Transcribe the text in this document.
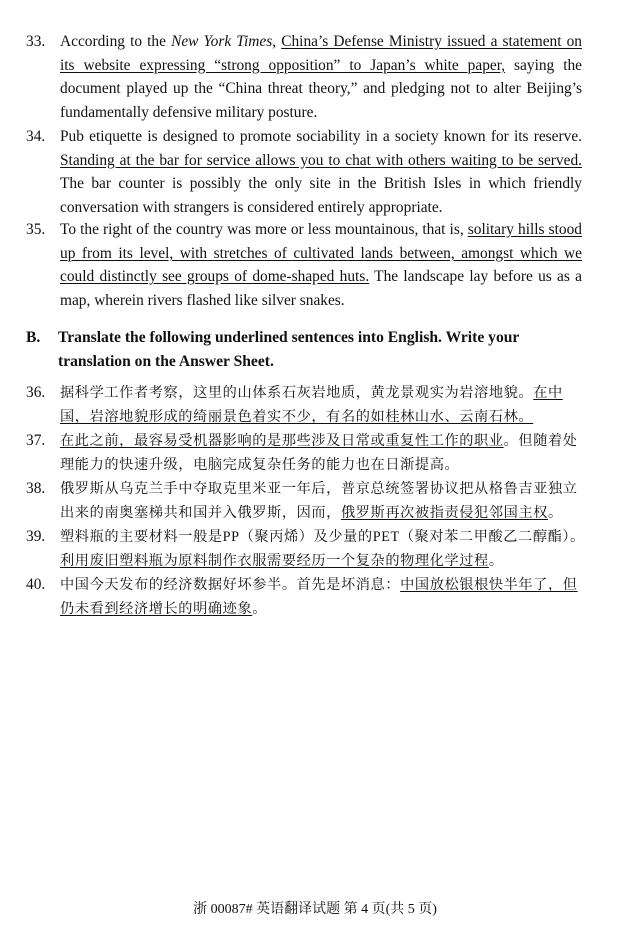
33. According to the New York Times, China’s Defense Ministry issued a statement on its website expressing “strong opposition” to Japan’s white paper, saying the document played up the “China threat theory,” and pledging not to alter Beijing’s fundamentally defensive military posture.
34. Pub etiquette is designed to promote sociability in a society known for its reserve. Standing at the bar for service allows you to chat with others waiting to be served. The bar counter is possibly the only site in the British Isles in which friendly conversation with strangers is considered entirely appropriate.
35. To the right of the country was more or less mountainous, that is, solitary hills stood up from its level, with stretches of cultivated lands between, amongst which we could distinctly see groups of dome-shaped huts. The landscape lay before us as a map, wherein rivers flashed like silver snakes.
B. Translate the following underlined sentences into English. Write your translation on the Answer Sheet.
36. 据科学工作者考察，这里的山体系石灰岩地质，黄龙景观实为岩溶地貌。在中国，岩溶地貌形成的绮丽景色着实不少，有名的如桂林山水、云南石林。
37. 在此之前，最容易受机器影响的是那些涉及日常或重复性工作的职业。但随着处理能力的快速升级，电脑完成复杂任务的能力也在日渐提高。
38. 俄罗斯从乌克兰手中夺取克里米亚一年后，普京总统签署协议把从格鲁吉亚独立出来的南奥塞梯共和国并入俄罗斯，因而，俄罗斯再次被指责侵犯邻国主权。
39. 塑料瓶的主要材料一般是PP（聚丙烯）及少量的PET（聚对苯二甲酸乙二醇酯）。利用废旧塑料瓶为原料制作衣服需要经历一个复杂的物理化学过程。
40. 中国今天发布的经济数据好坏参半。首先是坏消息：中国放松银根快半年了，但仍未看到经济增长的明确迹象。
浙 00087# 英语翻译试题 第 4 页(共 5 页)
